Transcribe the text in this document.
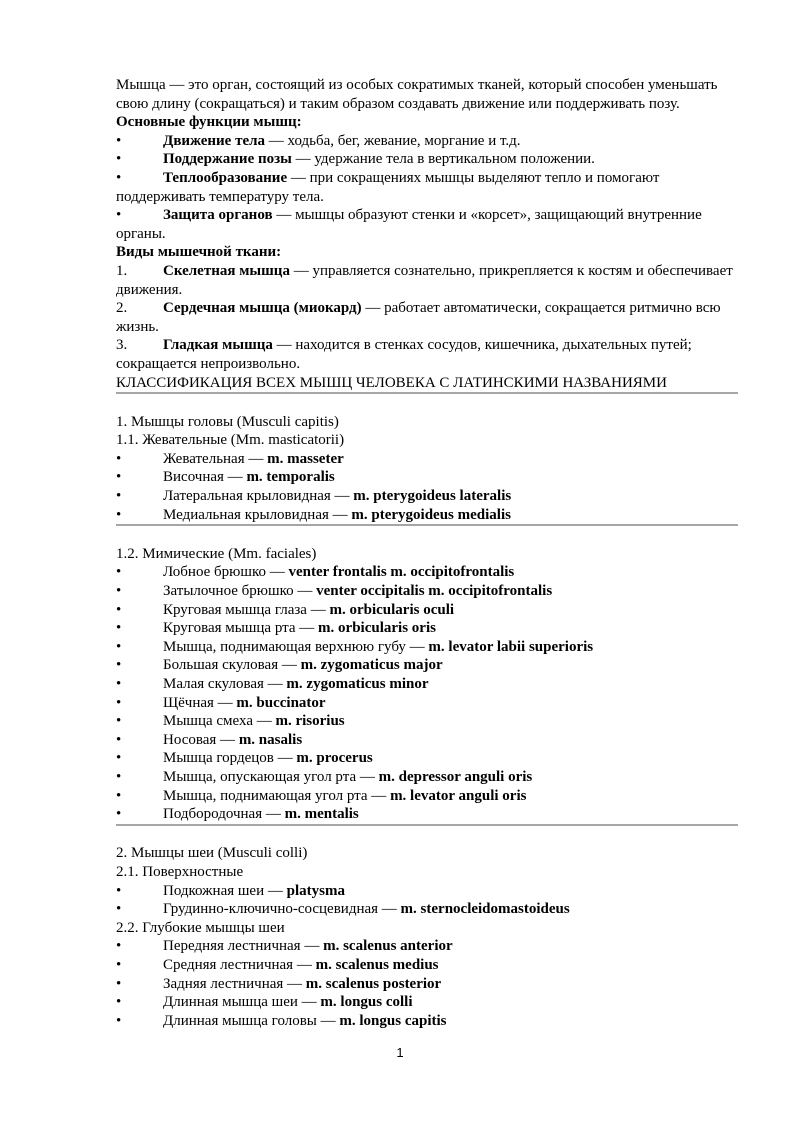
Мышца — это орган, состоящий из особых сократимых тканей, который способен уменьшать свою длину (сокращаться) и таким образом создавать движение или поддерживать позу.
Основные функции мышц:
•	Движение тела — ходьба, бег, жевание, моргание и т.д.
•	Поддержание позы — удержание тела в вертикальном положении.
•	Теплообразование — при сокращениях мышцы выделяют тепло и помогают поддерживать температуру тела.
•	Защита органов — мышцы образуют стенки и «корсет», защищающий внутренние органы.
Виды мышечной ткани:
1. Скелетная мышца — управляется сознательно, прикрепляется к костям и обеспечивает движения.
2. Сердечная мышца (миокард) — работает автоматически, сокращается ритмично всю жизнь.
3. Гладкая мышца — находится в стенках сосудов, кишечника, дыхательных путей; сокращается непроизвольно.
КЛАССИФИКАЦИЯ ВСЕХ МЫШЦ ЧЕЛОВЕКА С ЛАТИНСКИМИ НАЗВАНИЯМИ
1. Мышцы головы (Musculi capitis)
1.1. Жевательные (Mm. masticatorii)
•	Жевательная — m. masseter
•	Височная — m. temporalis
•	Латеральная крыловидная — m. pterygoideus lateralis
•	Медиальная крыловидная — m. pterygoideus medialis
1.2. Мимические (Mm. faciales)
•	Лобное брюшко — venter frontalis m. occipitofrontalis
•	Затылочное брюшко — venter occipitalis m. occipitofrontalis
•	Круговая мышца глаза — m. orbicularis oculi
•	Круговая мышца рта — m. orbicularis oris
•	Мышца, поднимающая верхнюю губу — m. levator labii superioris
•	Большая скуловая — m. zygomaticus major
•	Малая скуловая — m. zygomaticus minor
•	Щёчная — m. buccinator
•	Мышца смеха — m. risorius
•	Носовая — m. nasalis
•	Мышца гордецов — m. procerus
•	Мышца, опускающая угол рта — m. depressor anguli oris
•	Мышца, поднимающая угол рта — m. levator anguli oris
•	Подбородочная — m. mentalis
2. Мышцы шеи (Musculi colli)
2.1. Поверхностные
•	Подкожная шеи — platysma
•	Грудинно-ключично-сосцевидная — m. sternocleidomastoideus
2.2. Глубокие мышцы шеи
•	Передняя лестничная — m. scalenus anterior
•	Средняя лестничная — m. scalenus medius
•	Задняя лестничная — m. scalenus posterior
•	Длинная мышца шеи — m. longus colli
•	Длинная мышца головы — m. longus capitis
1
